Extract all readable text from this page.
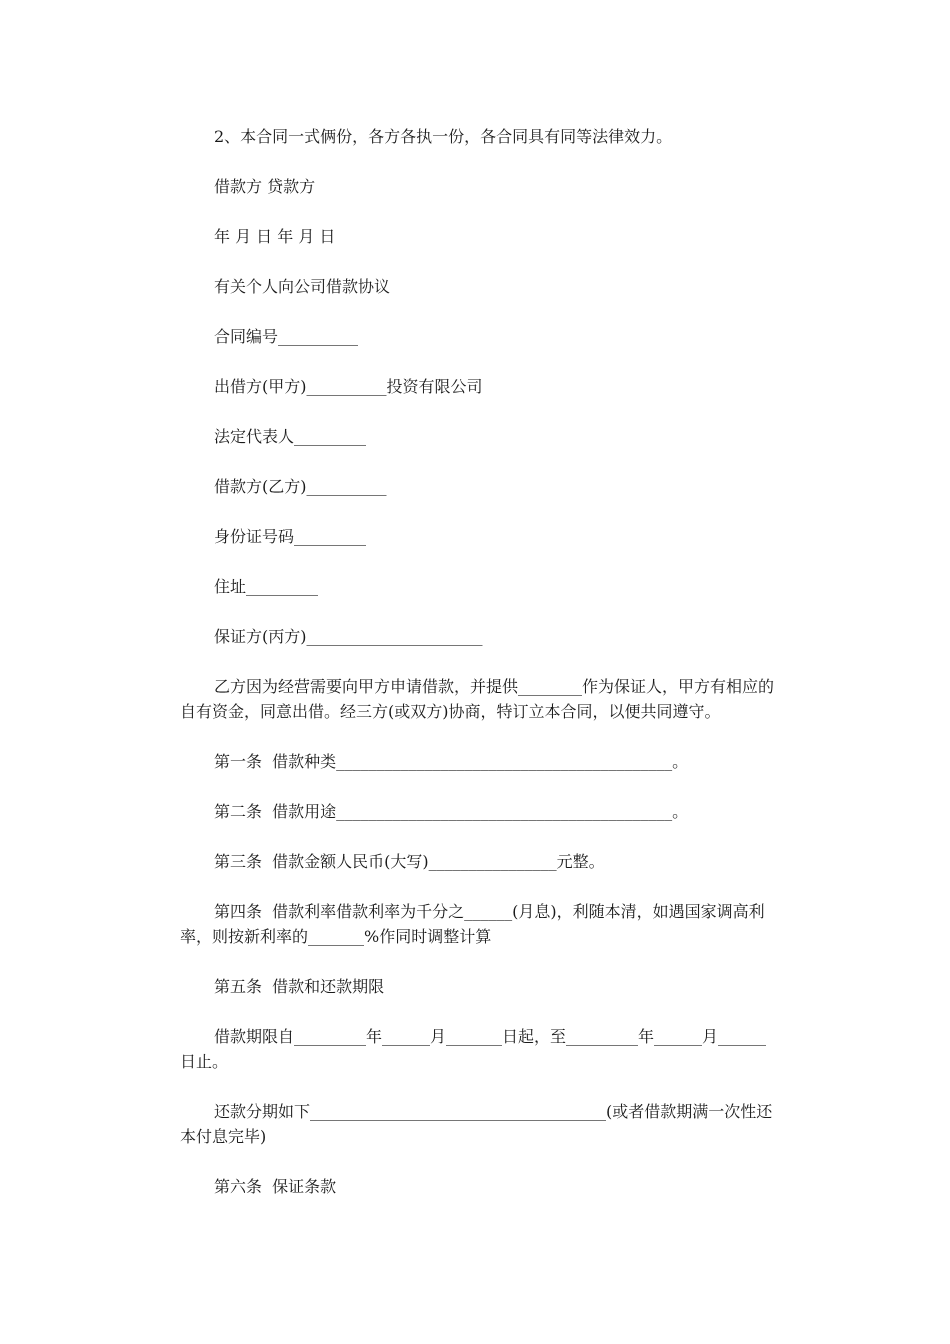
2、本合同一式俩份，各方各执一份，各合同具有同等法律效力。

借款方 贷款方

年 月 日 年 月 日

有关个人向公司借款协议

合同编号__________

出借方(甲方)__________投资有限公司

法定代表人_________

借款方(乙方)__________

身份证号码_________

住址_________

保证方(丙方)______________________

乙方因为经营需要向甲方申请借款，并提供________作为保证人，甲方有相应的自有资金，同意出借。经三方(或双方)协商，特订立本合同，以便共同遵守。

第一条  借款种类__________________________________________。

第二条  借款用途__________________________________________。

第三条  借款金额人民币(大写)________________元整。

第四条  借款利率借款利率为千分之______(月息)，利随本清，如遇国家调高利率，则按新利率的_______%作同时调整计算

第五条  借款和还款期限

借款期限自_________年______月_______日起，至_________年______月______日止。

还款分期如下_____________________________________(或者借款期满一次性还本付息完毕)

第六条  保证条款
